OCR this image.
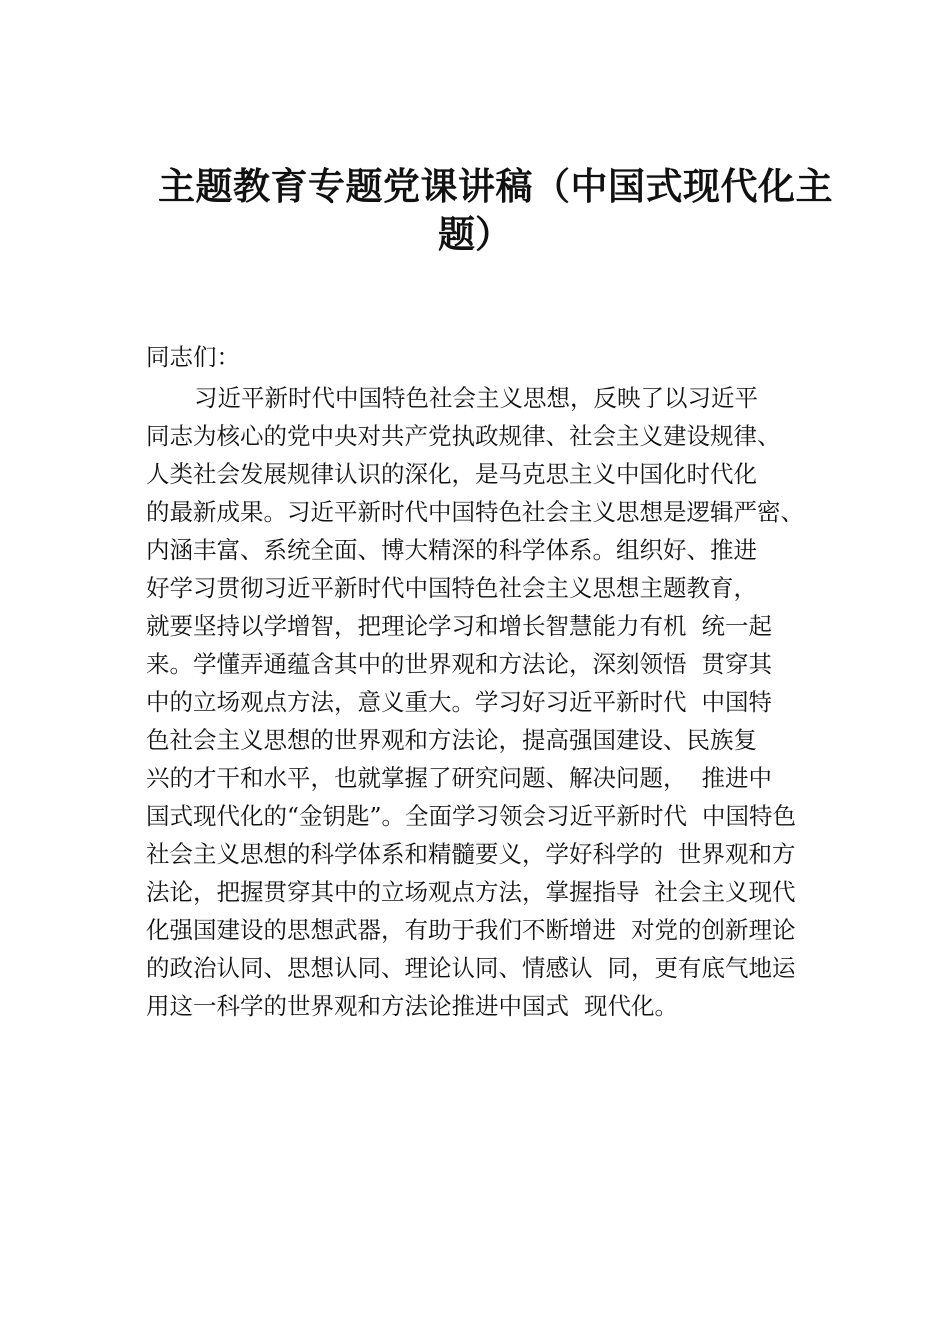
主题教育专题党课讲稿（中国式现代化主
题）
同志们：
习近平新时代中国特色社会主义思想，反映了以习近平
同志为核心的党中央对共产党执政规律、社会主义建设规律、
人类社会发展规律认识的深化，是马克思主义中国化时代化
的最新成果。习近平新时代中国特色社会主义思想是逻辑严密、
内涵丰富、系统全面、博大精深的科学体系。组织好、推进
好学习贯彻习近平新时代中国特色社会主义思想主题教育，
就要坚持以学增智，把理论学习和增长智慧能力有机  统一起
来。学懂弄通蕴含其中的世界观和方法论，深刻领悟  贯穿其
中的立场观点方法，意义重大。学习好习近平新时代  中国特
色社会主义思想的世界观和方法论，提高强国建设、民族复
兴的才干和水平，也就掌握了研究问题、解决问题，  推进中
国式现代化的“金钥匙”。全面学习领会习近平新时代  中国特色
社会主义思想的科学体系和精髓要义，学好科学的  世界观和方
法论，把握贯穿其中的立场观点方法，掌握指导  社会主义现代
化强国建设的思想武器，有助于我们不断增进  对党的创新理论
的政治认同、思想认同、理论认同、情感认  同，更有底气地运
用这一科学的世界观和方法论推进中国式  现代化。
